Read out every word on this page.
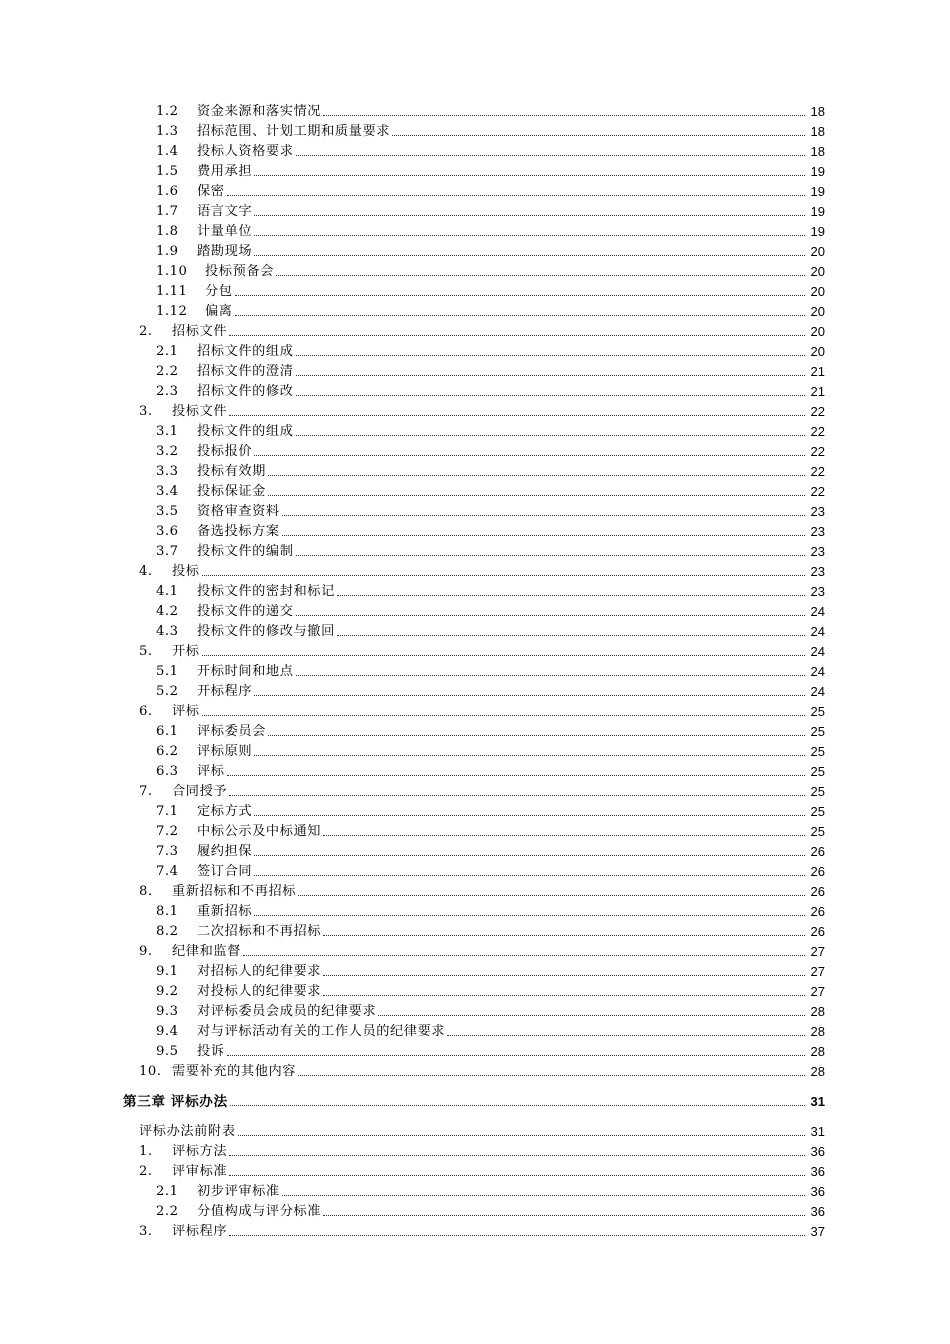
1.2	资金来源和落实情况	18
1.3	招标范围、计划工期和质量要求	18
1.4	投标人资格要求	18
1.5	费用承担	19
1.6	保密	19
1.7	语言文字	19
1.8	计量单位	19
1.9	踏勘现场	20
1.10	投标预备会	20
1.11	分包	20
1.12	偏离	20
2.	招标文件	20
2.1	招标文件的组成	20
2.2	招标文件的澄清	21
2.3	招标文件的修改	21
3.	投标文件	22
3.1	投标文件的组成	22
3.2	投标报价	22
3.3	投标有效期	22
3.4	投标保证金	22
3.5	资格审查资料	23
3.6	备选投标方案	23
3.7	投标文件的编制	23
4.	投标	23
4.1	投标文件的密封和标记	23
4.2	投标文件的递交	24
4.3	投标文件的修改与撤回	24
5.	开标	24
5.1	开标时间和地点	24
5.2	开标程序	24
6.	评标	25
6.1	评标委员会	25
6.2	评标原则	25
6.3	评标	25
7.	合同授予	25
7.1	定标方式	25
7.2	中标公示及中标通知	25
7.3	履约担保	26
7.4	签订合同	26
8.	重新招标和不再招标	26
8.1	重新招标	26
8.2	二次招标和不再招标	26
9.	纪律和监督	27
9.1	对招标人的纪律要求	27
9.2	对投标人的纪律要求	27
9.3	对评标委员会成员的纪律要求	28
9.4	对与评标活动有关的工作人员的纪律要求	28
9.5	投诉	28
10. 需要补充的其他内容	28
第三章 评标办法	31
评标办法前附表	31
1.	评标方法	36
2.	评审标准	36
2.1	初步评审标准	36
2.2	分值构成与评分标准	36
3.	评标程序	37
